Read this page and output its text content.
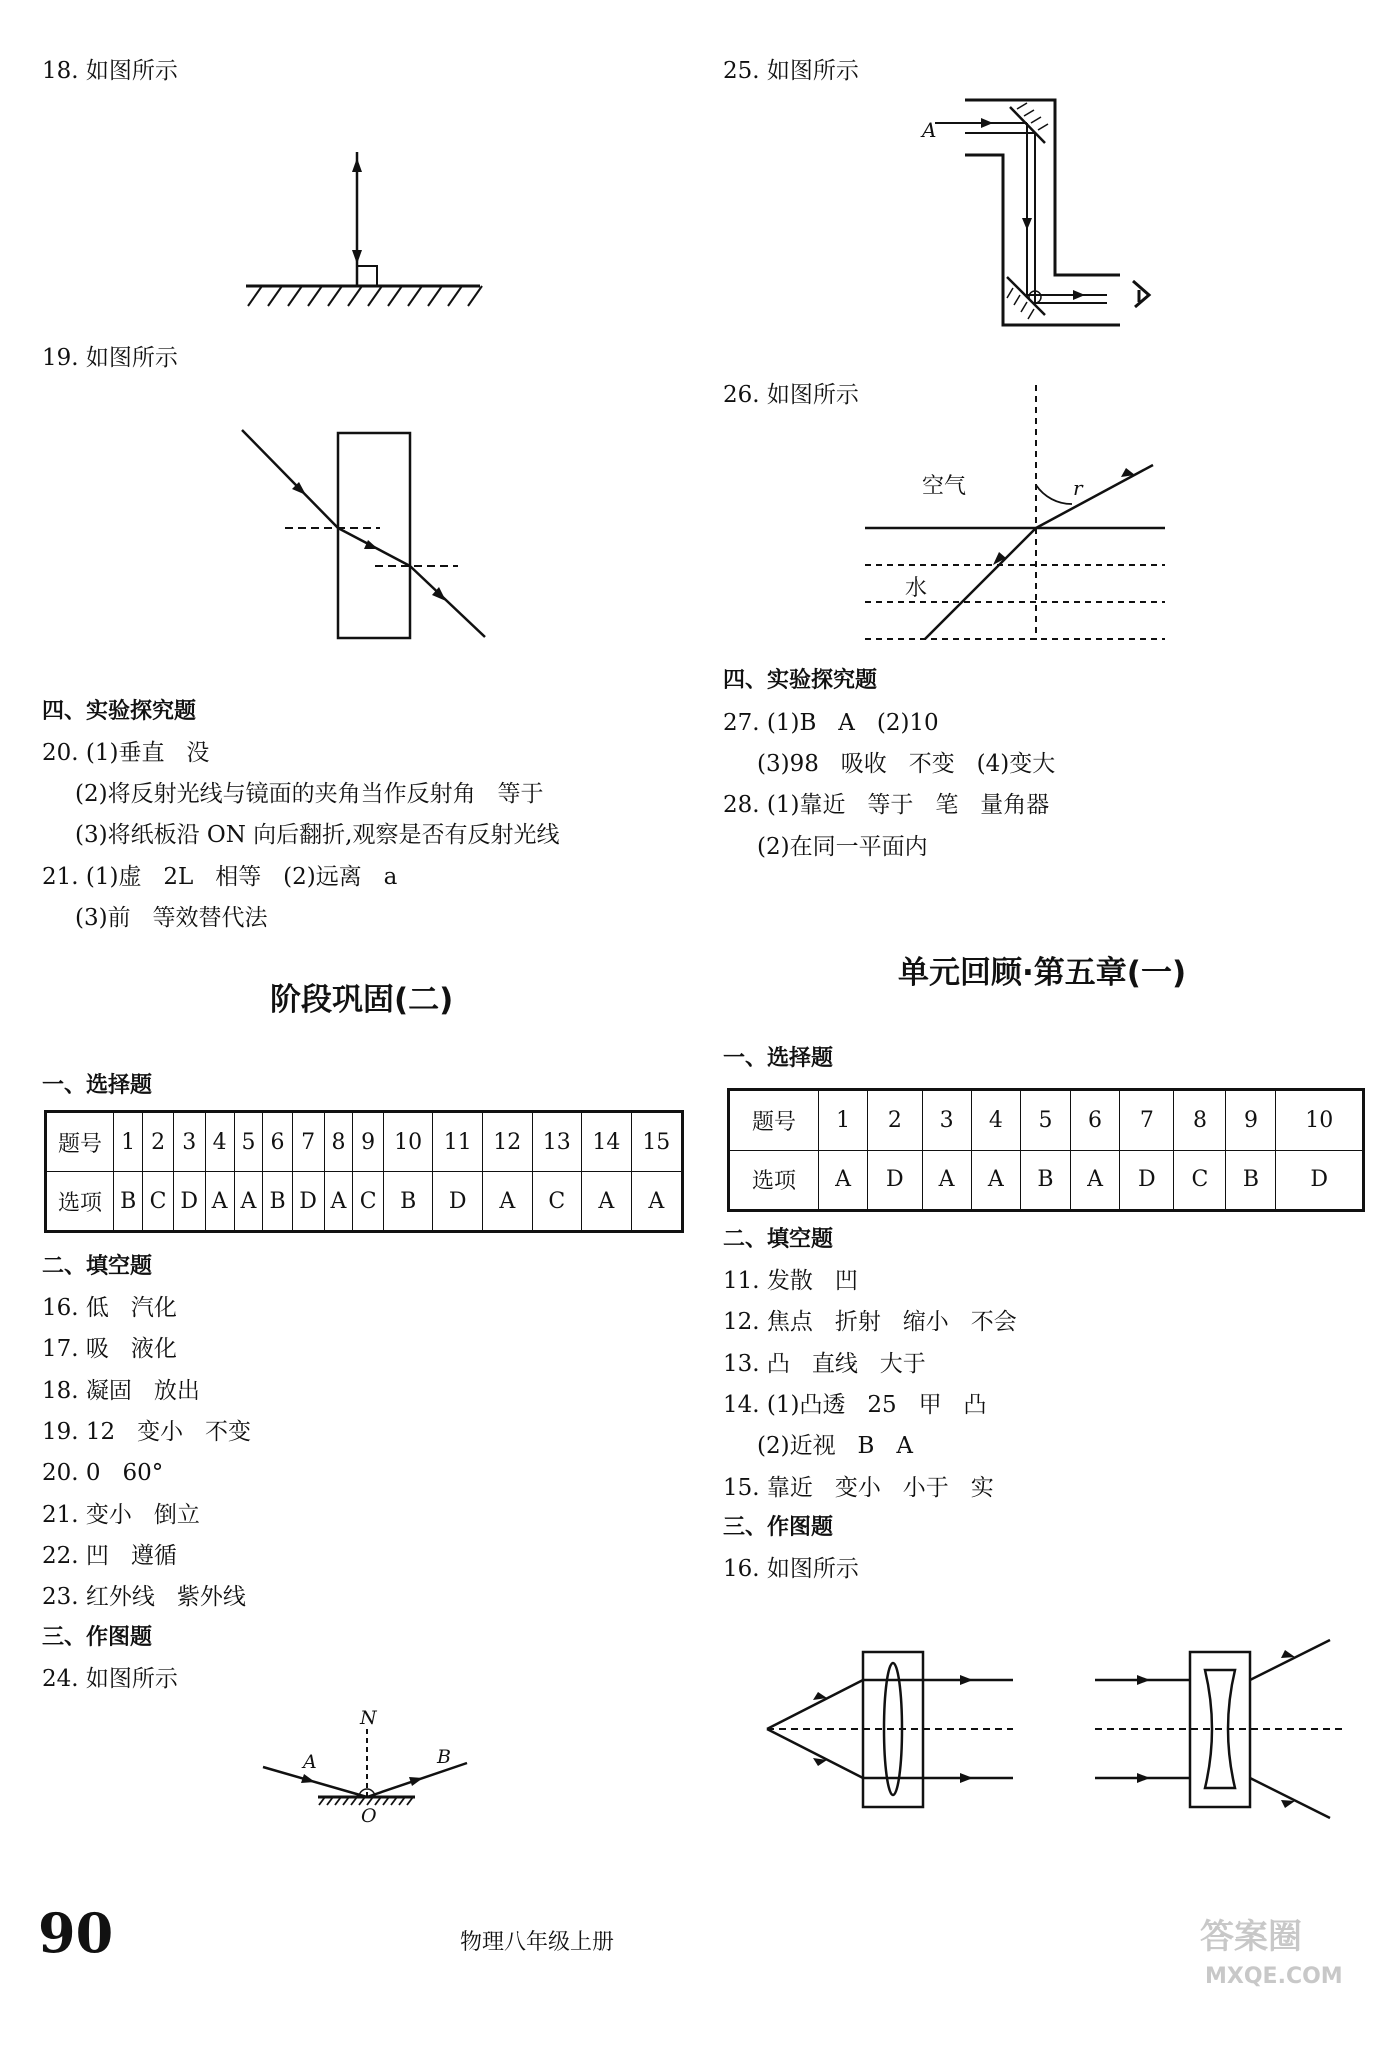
18. 如图所示
19. 如图所示
四、实验探究题
20. (1)垂直   没
(2)将反射光线与镜面的夹角当作反射角   等于
(3)将纸板沿 ON 向后翻折,观察是否有反射光线
21. (1)虚   2L   相等   (2)远离   a
(3)前   等效替代法
阶段巩固(二)
一、选择题
题号	1	2	3	4	5	6	7	8	9	10	11	12	13	14	15
选项	B	C	D	A	A	B	D	A	C	B	D	A	C	A	A
二、填空题
16. 低   汽化
17. 吸   液化
18. 凝固   放出
19. 12   变小   不变
20. 0   60°
21. 变小   倒立
22. 凹   遵循
23. 红外线   紫外线
三、作图题
24. 如图所示
N
A	B
O
25. 如图所示
A
26. 如图所示
空气
水
r
四、实验探究题
27. (1)B   A   (2)10
(3)98   吸收   不变   (4)变大
28. (1)靠近   等于   笔   量角器
(2)在同一平面内
单元回顾·第五章(一)
一、选择题
题号	1	2	3	4	5	6	7	8	9	10
选项	A	D	A	A	B	A	D	C	B	D
二、填空题
11. 发散   凹
12. 焦点   折射   缩小   不会
13. 凸   直线   大于
14. (1)凸透   25   甲   凸
(2)近视   B   A
15. 靠近   变小   小于   实
三、作图题
16. 如图所示
90	物理八年级上册	答案圈
MXQE.COM
